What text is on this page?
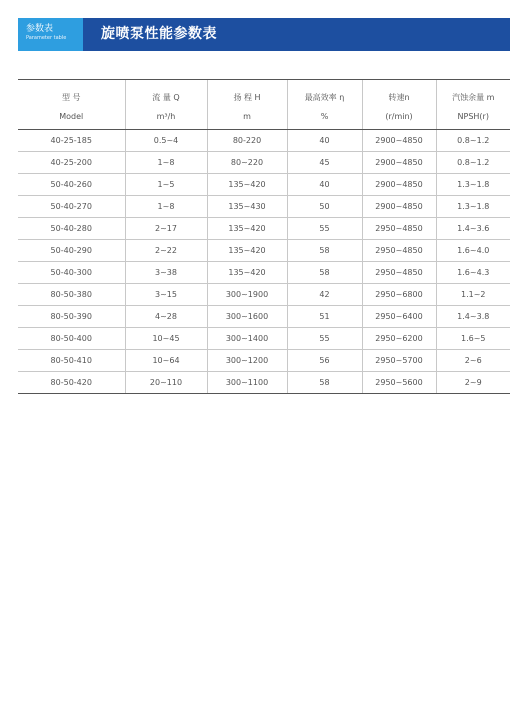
参数表
Parameter table	旋喷泵性能参数表
型 号	流 量 Q	扬 程 H	最高效率 η	转速n	汽蚀余量 m
Model	m³/h	m	%	(r/min)	NPSH(r)
40-25-185	0.5~4	80-220	40	2900~4850	0.8~1.2
40-25-200	1~8	80~220	45	2900~4850	0.8~1.2
50-40-260	1~5	135~420	40	2900~4850	1.3~1.8
50-40-270	1~8	135~430	50	2900~4850	1.3~1.8
50-40-280	2~17	135~420	55	2950~4850	1.4~3.6
50-40-290	2~22	135~420	58	2950~4850	1.6~4.0
50-40-300	3~38	135~420	58	2950~4850	1.6~4.3
80-50-380	3~15	300~1900	42	2950~6800	1.1~2
80-50-390	4~28	300~1600	51	2950~6400	1.4~3.8
80-50-400	10~45	300~1400	55	2950~6200	1.6~5
80-50-410	10~64	300~1200	56	2950~5700	2~6
80-50-420	20~110	300~1100	58	2950~5600	2~9
